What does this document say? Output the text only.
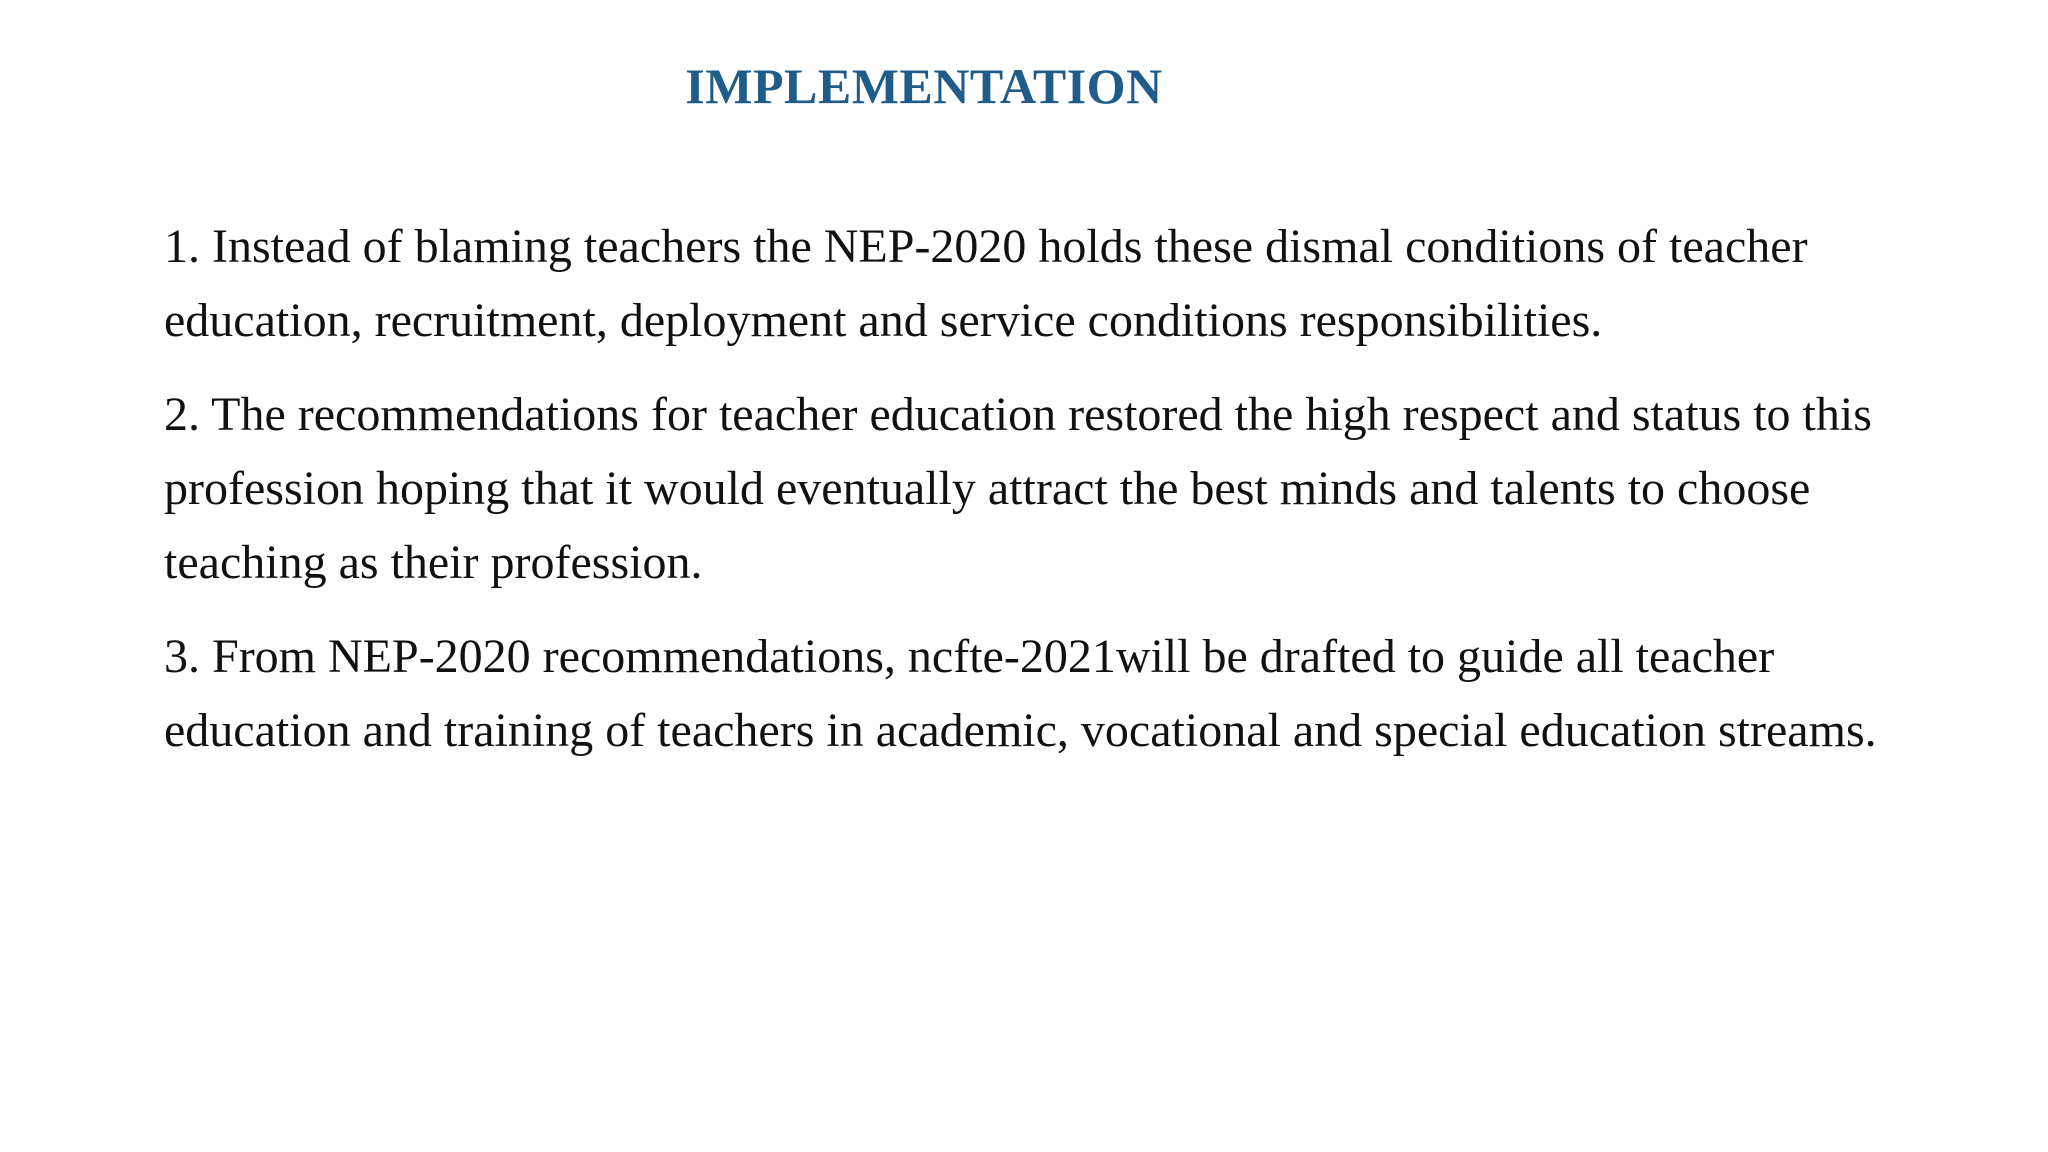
IMPLEMENTATION

1. Instead of blaming teachers the NEP-2020 holds these dismal conditions of teacher education, recruitment, deployment and service conditions responsibilities.

2. The recommendations for teacher education restored the high respect and status to this profession hoping that it would eventually attract the best minds and talents to choose teaching as their profession.

3. From NEP-2020 recommendations, ncfte-2021will be drafted to guide all teacher education and training of teachers in academic, vocational and special education streams.
